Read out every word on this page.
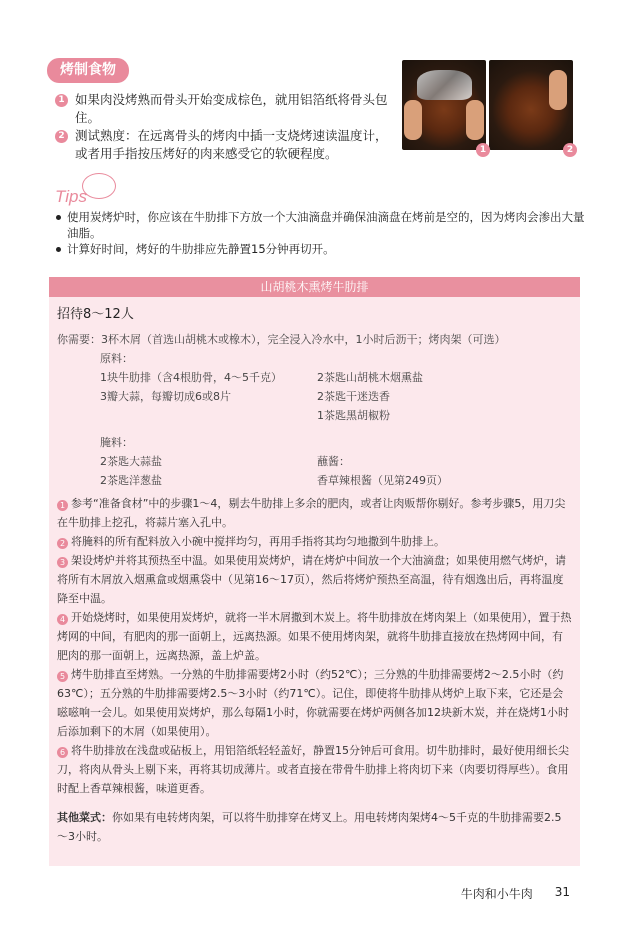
烤制食物
1 如果肉没烤熟而骨头开始变成棕色，就用铝箔纸将骨头包住。
2 测试熟度：在远离骨头的烤肉中插一支烧烤速读温度计，或者用手指按压烤好的肉来感受它的软硬程度。	1	2
Tips
使用炭烤炉时，你应该在牛肋排下方放一个大油滴盘并确保油滴盘在烤前是空的，因为烤肉会渗出大量油脂。
计算好时间，烤好的牛肋排应先静置15分钟再切开。
山胡桃木熏烤牛肋排
招待8～12人
你需要：3杯木屑（首选山胡桃木或橡木），完全浸入冷水中，1小时后沥干；烤肉架（可选）
原料：
1块牛肋排（含4根肋骨，4～5千克）
3瓣大蒜，每瓣切成6或8片
腌料：
2茶匙大蒜盐
2茶匙洋葱盐
2茶匙山胡桃木烟熏盐
2茶匙干迷迭香
1茶匙黑胡椒粉
蘸酱：
香草辣根酱（见第249页）
1 参考“准备食材”中的步骤1～4，剔去牛肋排上多余的肥肉，或者让肉贩帮你剔好。参考步骤5，用刀尖在牛肋排上挖孔，将蒜片塞入孔中。
2 将腌料的所有配料放入小碗中搅拌均匀，再用手指将其均匀地撒到牛肋排上。
3 架设烤炉并将其预热至中温。如果使用炭烤炉，请在烤炉中间放一个大油滴盘；如果使用燃气烤炉，请将所有木屑放入烟熏盒或烟熏袋中（见第16～17页），然后将烤炉预热至高温，待有烟逸出后，再将温度降至中温。
4 开始烧烤时，如果使用炭烤炉，就将一半木屑撒到木炭上。将牛肋排放在烤肉架上（如果使用），置于热烤网的中间，有肥肉的那一面朝上，远离热源。如果不使用烤肉架，就将牛肋排直接放在热烤网中间，有肥肉的那一面朝上，远离热源，盖上炉盖。
5 烤牛肋排直至烤熟。一分熟的牛肋排需要烤2小时（约52℃）；三分熟的牛肋排需要烤2～2.5小时（约63℃）；五分熟的牛肋排需要烤2.5～3小时（约71℃）。记住，即使将牛肋排从烤炉上取下来，它还是会嗞嗞响一会儿。如果使用炭烤炉，那么每隔1小时，你就需要在烤炉两侧各加12块新木炭，并在烧烤1小时后添加剩下的木屑（如果使用）。
6 将牛肋排放在浅盘或砧板上，用铝箔纸轻轻盖好，静置15分钟后可食用。切牛肋排时，最好使用细长尖刀，将肉从骨头上剔下来，再将其切成薄片。或者直接在带骨牛肋排上将肉切下来（肉要切得厚些）。食用时配上香草辣根酱，味道更香。
其他菜式：你如果有电转烤肉架，可以将牛肋排穿在烤叉上。用电转烤肉架烤4～5千克的牛肋排需要2.5～3小时。
牛肉和小牛肉 31
